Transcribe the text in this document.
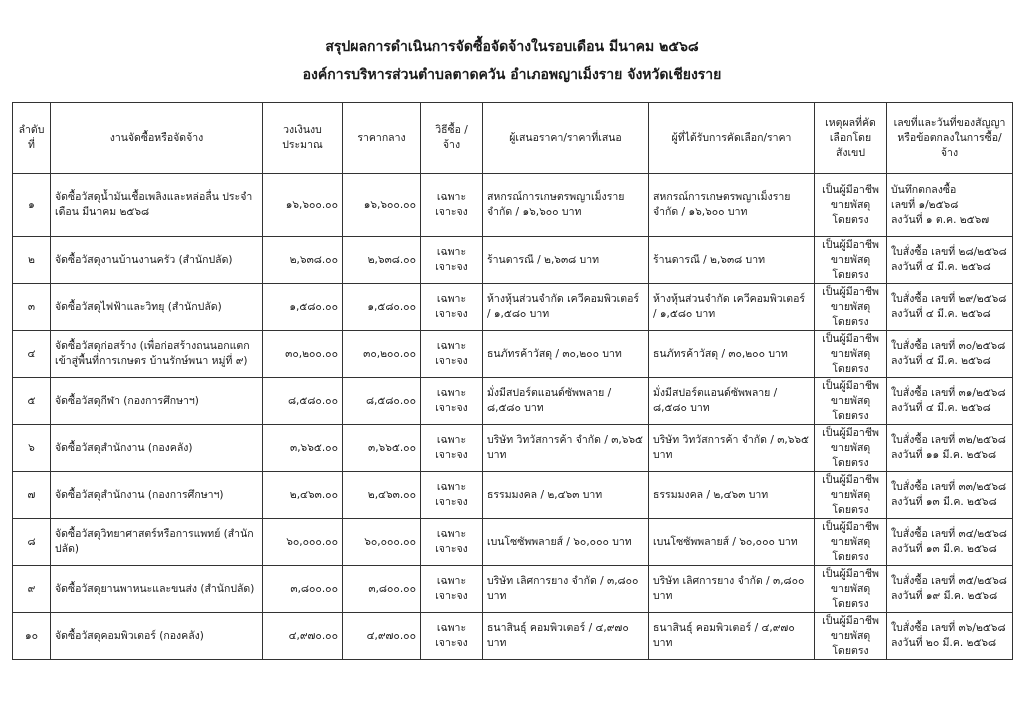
สรุปผลการดำเนินการจัดซื้อจัดจ้างในรอบเดือน มีนาคม ๒๕๖๘
องค์การบริหารส่วนตำบลตาดควัน อำเภอพญาเม็งราย จังหวัดเชียงราย
ลำดับที่	งานจัดซื้อหรือจัดจ้าง	วงเงินงบประมาณ	ราคากลาง	วิธีซื้อ / จ้าง	ผู้เสนอราคา/ราคาที่เสนอ	ผู้ที่ได้รับการคัดเลือก/ราคา	เหตุผลที่คัดเลือกโดยสังเขป	เลขที่และวันที่ของสัญญาหรือข้อตกลงในการซื้อ/จ้าง
๑	จัดซื้อวัสดุน้ำมันเชื้อเพลิงและหล่อลื่น ประจำเดือน มีนาคม ๒๕๖๘	๑๖,๖๐๐.๐๐	๑๖,๖๐๐.๐๐	เฉพาะเจาะจง	สหกรณ์การเกษตรพญาเม็งราย จำกัด / ๑๖,๖๐๐ บาท	สหกรณ์การเกษตรพญาเม็งราย จำกัด / ๑๖,๖๐๐ บาท	เป็นผู้มีอาชีพขายพัสดุโดยตรง	บันทึกตกลงซื้อ
เลขที่ ๑/๒๕๖๘
ลงวันที่ ๑ ต.ค. ๒๕๖๗

๒	จัดซื้อวัสดุงานบ้านงานครัว (สำนักปลัด)	๒,๖๓๘.๐๐	๒,๖๓๘.๐๐	เฉพาะเจาะจง	ร้านดารณี / ๒,๖๓๘ บาท	ร้านดารณี / ๒,๖๓๘ บาท	เป็นผู้มีอาชีพขายพัสดุโดยตรง	ใบสั่งซื้อ เลขที่ ๒๘/๒๕๖๘
ลงวันที่ ๔ มี.ค. ๒๕๖๘

๓	จัดซื้อวัสดุไฟฟ้าและวิทยุ (สำนักปลัด)	๑,๕๘๐.๐๐	๑,๕๘๐.๐๐	เฉพาะเจาะจง	ห้างหุ้นส่วนจำกัด เควีคอมพิวเตอร์ / ๑,๕๘๐ บาท	ห้างหุ้นส่วนจำกัด เควีคอมพิวเตอร์ / ๑,๕๘๐ บาท	เป็นผู้มีอาชีพขายพัสดุโดยตรง	ใบสั่งซื้อ เลขที่ ๒๙/๒๕๖๘
ลงวันที่ ๔ มี.ค. ๒๕๖๘

๔	จัดซื้อวัสดุก่อสร้าง (เพื่อก่อสร้างถนนอกแตก เข้าสู่พื้นที่การเกษตร บ้านรักษ์พนา หมู่ที่ ๙)	๓๐,๒๐๐.๐๐	๓๐,๒๐๐.๐๐	เฉพาะเจาะจง	ธนภัทรค้าวัสดุ / ๓๐,๒๐๐ บาท	ธนภัทรค้าวัสดุ / ๓๐,๒๐๐ บาท	เป็นผู้มีอาชีพขายพัสดุโดยตรง	ใบสั่งซื้อ เลขที่ ๓๐/๒๕๖๘
ลงวันที่ ๔ มี.ค. ๒๕๖๘

๕	จัดซื้อวัสดุกีฬา (กองการศึกษาฯ)	๘,๕๘๐.๐๐	๘,๕๘๐.๐๐	เฉพาะเจาะจง	มั่งมีสปอร์ตแอนด์ซัพพลาย / ๘,๕๘๐ บาท	มั่งมีสปอร์ตแอนด์ซัพพลาย / ๘,๕๘๐ บาท	เป็นผู้มีอาชีพขายพัสดุโดยตรง	ใบสั่งซื้อ เลขที่ ๓๑/๒๕๖๘
ลงวันที่ ๔ มี.ค. ๒๕๖๘

๖	จัดซื้อวัสดุสำนักงาน (กองคลัง)	๓,๖๖๕.๐๐	๓,๖๖๕.๐๐	เฉพาะเจาะจง	บริษัท วิทวัสการค้า จำกัด / ๓,๖๖๕ บาท	บริษัท วิทวัสการค้า จำกัด / ๓,๖๖๕ บาท	เป็นผู้มีอาชีพขายพัสดุโดยตรง	ใบสั่งซื้อ เลขที่ ๓๒/๒๕๖๘
ลงวันที่ ๑๑ มี.ค. ๒๕๖๘

๗	จัดซื้อวัสดุสำนักงาน (กองการศึกษาฯ)	๒,๔๖๓.๐๐	๒,๔๖๓.๐๐	เฉพาะเจาะจง	ธรรมมงคล / ๒,๔๖๓ บาท	ธรรมมงคล / ๒,๔๖๓ บาท	เป็นผู้มีอาชีพขายพัสดุโดยตรง	ใบสั่งซื้อ เลขที่ ๓๓/๒๕๖๘
ลงวันที่ ๑๓ มี.ค. ๒๕๖๘

๘	จัดซื้อวัสดุวิทยาศาสตร์หรือการแพทย์ (สำนักปลัด)	๖๐,๐๐๐.๐๐	๖๐,๐๐๐.๐๐	เฉพาะเจาะจง	เบนโซซัพพลายส์ / ๖๐,๐๐๐ บาท	เบนโซซัพพลายส์ / ๖๐,๐๐๐ บาท	เป็นผู้มีอาชีพขายพัสดุโดยตรง	ใบสั่งซื้อ เลขที่ ๓๔/๒๕๖๘
ลงวันที่ ๑๓ มี.ค. ๒๕๖๘

๙	จัดซื้อวัสดุยานพาหนะและขนส่ง (สำนักปลัด)	๓,๘๐๐.๐๐	๓,๘๐๐.๐๐	เฉพาะเจาะจง	บริษัท เลิศการยาง จำกัด / ๓,๘๐๐ บาท	บริษัท เลิศการยาง จำกัด / ๓,๘๐๐ บาท	เป็นผู้มีอาชีพขายพัสดุโดยตรง	ใบสั่งซื้อ เลขที่ ๓๕/๒๕๖๘
ลงวันที่ ๑๙ มี.ค. ๒๕๖๘

๑๐	จัดซื้อวัสดุคอมพิวเตอร์ (กองคลัง)	๔,๙๗๐.๐๐	๔,๙๗๐.๐๐	เฉพาะเจาะจง	ธนาสินธุ์ คอมพิวเตอร์ / ๔,๙๗๐ บาท	ธนาสินธุ์ คอมพิวเตอร์ / ๔,๙๗๐ บาท	เป็นผู้มีอาชีพขายพัสดุโดยตรง	ใบสั่งซื้อ เลขที่ ๓๖/๒๕๖๘
ลงวันที่ ๒๐ มี.ค. ๒๕๖๘
